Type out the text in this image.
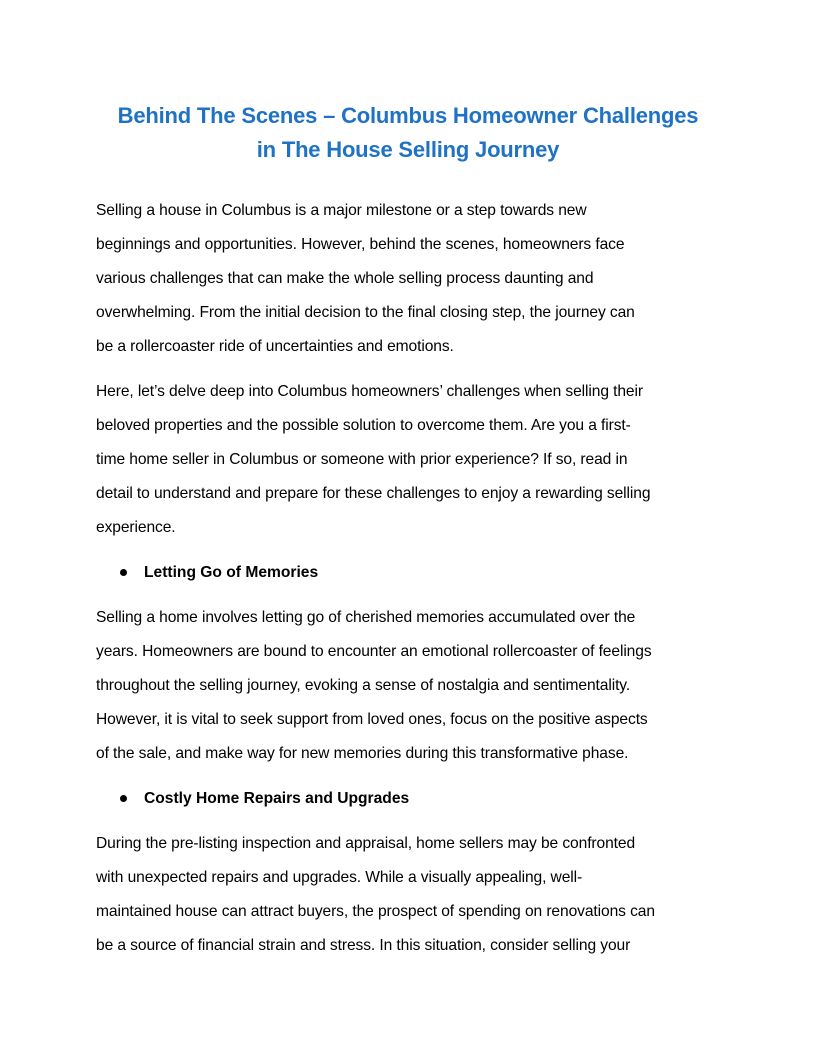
Behind The Scenes – Columbus Homeowner Challenges
in The House Selling Journey

Selling a house in Columbus is a major milestone or a step towards new
beginnings and opportunities. However, behind the scenes, homeowners face
various challenges that can make the whole selling process daunting and
overwhelming. From the initial decision to the final closing step, the journey can
be a rollercoaster ride of uncertainties and emotions.

Here, let’s delve deep into Columbus homeowners’ challenges when selling their
beloved properties and the possible solution to overcome them. Are you a first-
time home seller in Columbus or someone with prior experience? If so, read in
detail to understand and prepare for these challenges to enjoy a rewarding selling
experience.

Letting Go of Memories

Selling a home involves letting go of cherished memories accumulated over the
years. Homeowners are bound to encounter an emotional rollercoaster of feelings
throughout the selling journey, evoking a sense of nostalgia and sentimentality.
However, it is vital to seek support from loved ones, focus on the positive aspects
of the sale, and make way for new memories during this transformative phase.

Costly Home Repairs and Upgrades

During the pre-listing inspection and appraisal, home sellers may be confronted
with unexpected repairs and upgrades. While a visually appealing, well-
maintained house can attract buyers, the prospect of spending on renovations can
be a source of financial strain and stress. In this situation, consider selling your
